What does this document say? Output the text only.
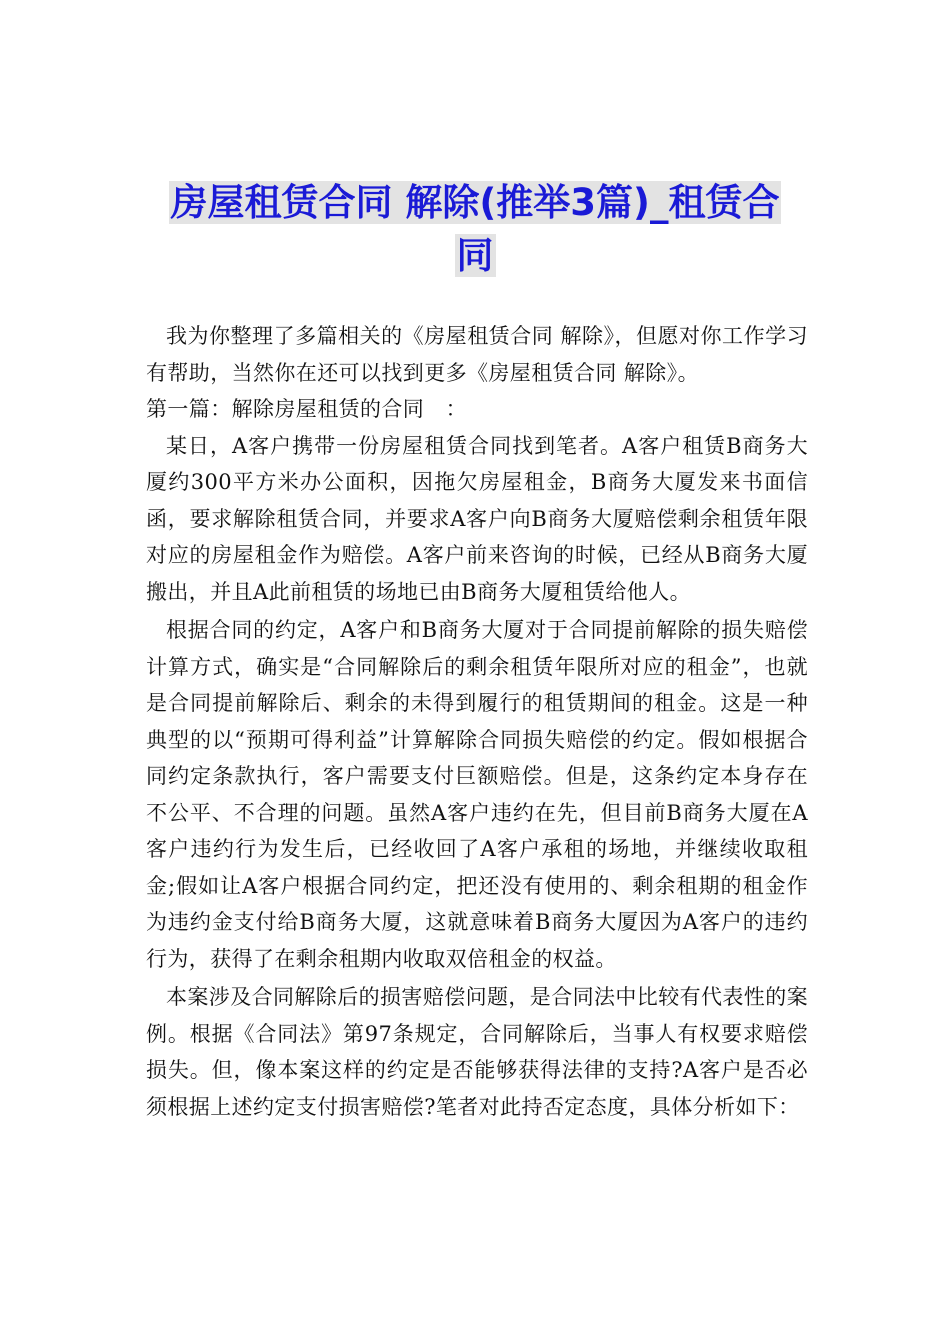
房屋租赁合同 解除(推举3篇)_租赁合
同

我为你整理了多篇相关的《房屋租赁合同 解除》，但愿对你工作学习有帮助，当然你在还可以找到更多《房屋租赁合同 解除》。

第一篇：解除房屋租赁的合同　：

某日，A客户携带一份房屋租赁合同找到笔者。A客户租赁B商务大厦约300平方米办公面积，因拖欠房屋租金，B商务大厦发来书面信函，要求解除租赁合同，并要求A客户向B商务大厦赔偿剩余租赁年限对应的房屋租金作为赔偿。A客户前来咨询的时候，已经从B商务大厦搬出，并且A此前租赁的场地已由B商务大厦租赁给他人。

根据合同的约定，A客户和B商务大厦对于合同提前解除的损失赔偿计算方式，确实是“合同解除后的剩余租赁年限所对应的租金”，也就是合同提前解除后、剩余的未得到履行的租赁期间的租金。这是一种典型的以“预期可得利益”计算解除合同损失赔偿的约定。假如根据合同约定条款执行，客户需要支付巨额赔偿。但是，这条约定本身存在不公平、不合理的问题。虽然A客户违约在先，但目前B商务大厦在A客户违约行为发生后，已经收回了A客户承租的场地，并继续收取租金;假如让A客户根据合同约定，把还没有使用的、剩余租期的租金作为违约金支付给B商务大厦，这就意味着B商务大厦因为A客户的违约行为，获得了在剩余租期内收取双倍租金的权益。

本案涉及合同解除后的损害赔偿问题，是合同法中比较有代表性的案例。根据《合同法》第97条规定，合同解除后，当事人有权要求赔偿损失。但，像本案这样的约定是否能够获得法律的支持?A客户是否必须根据上述约定支付损害赔偿?笔者对此持否定态度，具体分析如下：
